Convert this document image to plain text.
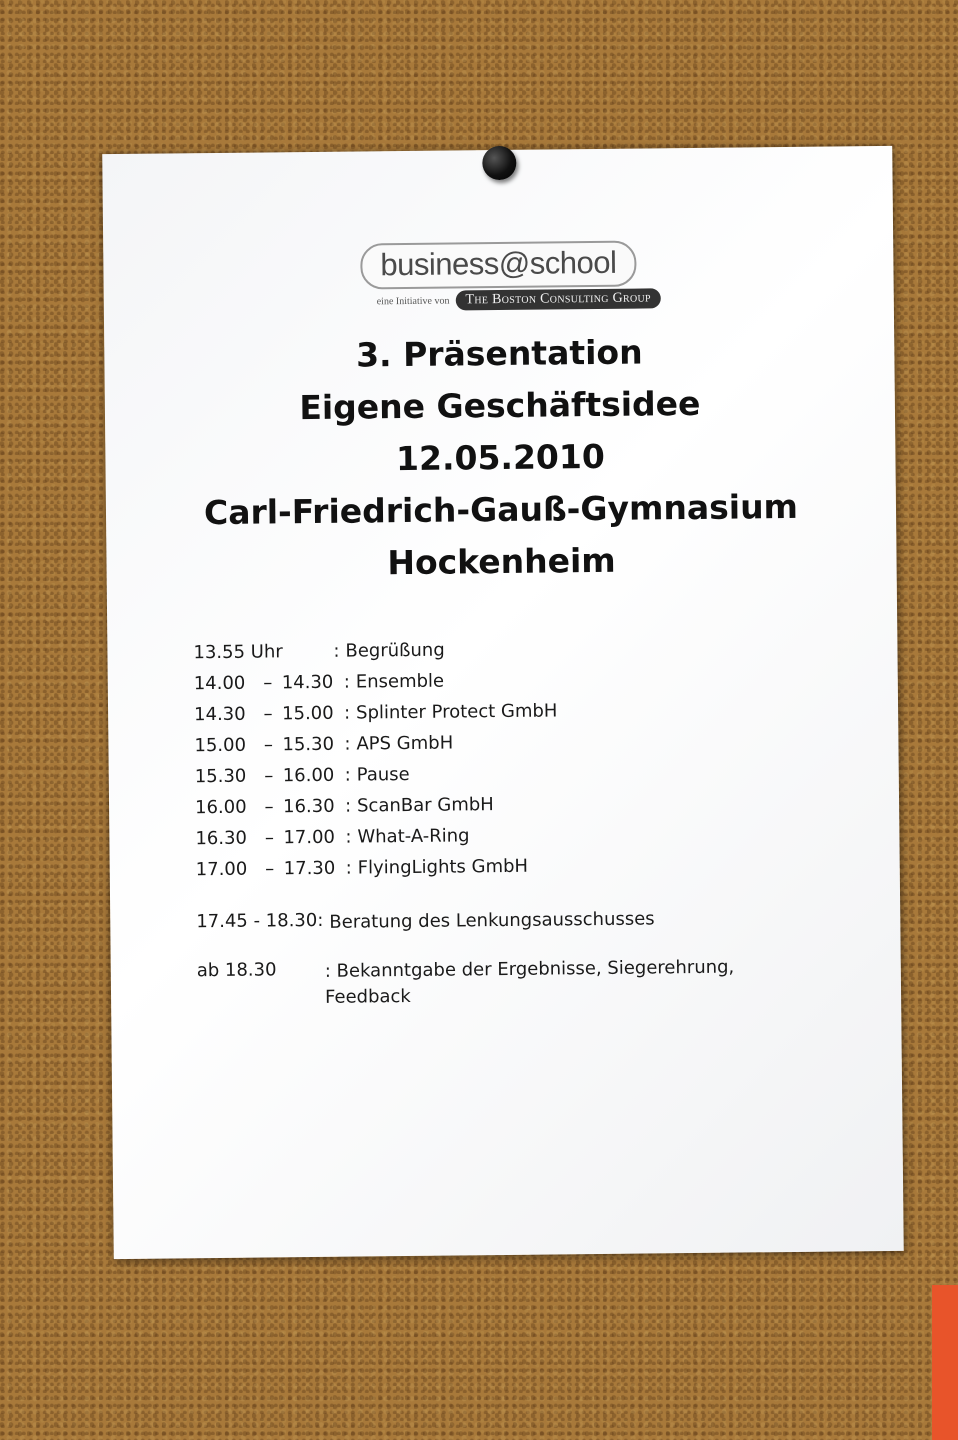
business@school
eine Initiative von	The Boston Consulting Group
3. Präsentation
Eigene Geschäftsidee
12.05.2010
Carl-Friedrich-Gauß-Gymnasium
Hockenheim
13.55 Uhr	: Begrüßung
14.00 – 14.30 : Ensemble
14.30 – 15.00 : Splinter Protect GmbH
15.00 – 15.30 : APS GmbH
15.30 – 16.00 : Pause
16.00 – 16.30 : ScanBar GmbH
16.30 – 17.00 : What-A-Ring
17.00 – 17.30 : FlyingLights GmbH
17.45 - 18.30: Beratung des Lenkungsausschusses
ab 18.30	: Bekanntgabe der Ergebnisse, Siegerehrung, Feedback
